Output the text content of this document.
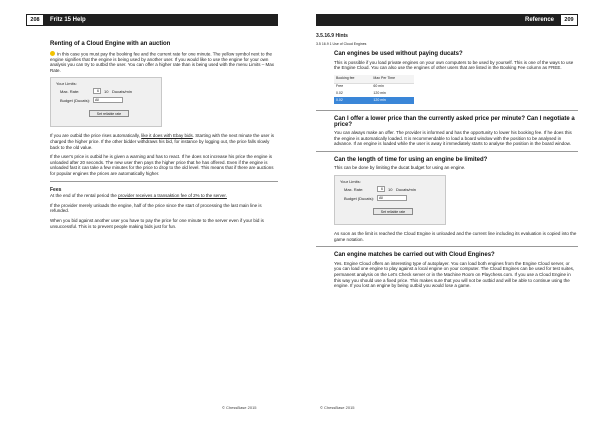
208	Fritz 15 Help
Renting of a Cloud Engine with an auction

In this case you must pay the booking fee and the current rate for one minute. The yellow symbol next to the engine signifies that the engine is being used by another user. If you would like to use the engine for your own analysis you can try to outbid the user. You can offer a higher rate than is being used with the menu Limits – Max Rate.

Your Limits:
Max. Rate:	6	10 Ducats/min
Budget (Ducats):	All
Set reliable rate

If you are outbid the price rises automatically, like it does with Ebay bids. Starting with the next minute the user is charged the higher price. If the other bidder withdraws his bid, for instance by logging out, the price falls slowly back to the old value.

If the user's price is outbid he is given a warning and has to react. If he does not increase his price the engine is unloaded after 20 seconds. The new user then pays the higher price that he has offered. Even if the engine is unloaded fast it can take a few minutes for the price to drop to the old level. This means that if there are auctions for popular engines the prices are automatically higher.

Fees

At the end of the rental period the provider receives a transaktion fee of 2% to the server.

If the provider merely unloads the engine, half of the price since the start of processing the last main line is refunded.

When you bid against another user you have to pay the price for one minute to the server even if your bid is unsuccessful. This is to prevent people making bids just for fun.

© ChessBase 2015
Reference	209
3.5.16.9 Hints
3.5 16.9 1 Use of Cloud Engines
Can engines be used without paying ducats?

This is possible if you load private engines on your own computers to be used by yourself. This is one of the ways to use the Engine Cloud. You can also use the engines of other users that are listed in the Booking Fee column as FREE.

Booking fee	Max Per Time
Free	60 min
0.02	120 min
0.02	120 min
Can I offer a lower price than the currently asked price per minute? Can I negotiate a price?

You can always make an offer. The provider is informed and has the opportunity to lower his booking fee. If he does this the engine is automatically loaded. It is recommendable to load a board window with the position to be analysed in advance. If an engine is loaded while the user is away it immediately starts to analyse the position in the board window.

Can the length of time for using an engine be limited?

This can be done by limiting the ducat budget for using an engine.

Your Limits:
Max. Rate:	6	10 Ducats/min
Budget (Ducats):	All
Set reliable rate

As soon as the limit is reached the Cloud Engine is unloaded and the current line including its evaluation is copied into the game notation.

Can engine matches be carried out with Cloud Engines?

Yes. Engine Cloud offers an interesting type of autoplayer. You can load both engines from the Engine Cloud server, or you can load one engine to play against a local engine on your computer. The Cloud Engines can be used for test suites, permanent analysis on the Let's Check server or in the Machine Room on Playchess.com. If you use a Cloud Engine in this way you should use a fixed price. This makes sure that you will not be outbid and will be able to continue using the engine. If you lost an engine by being outbid you would lose a game.

© ChessBase 2015
